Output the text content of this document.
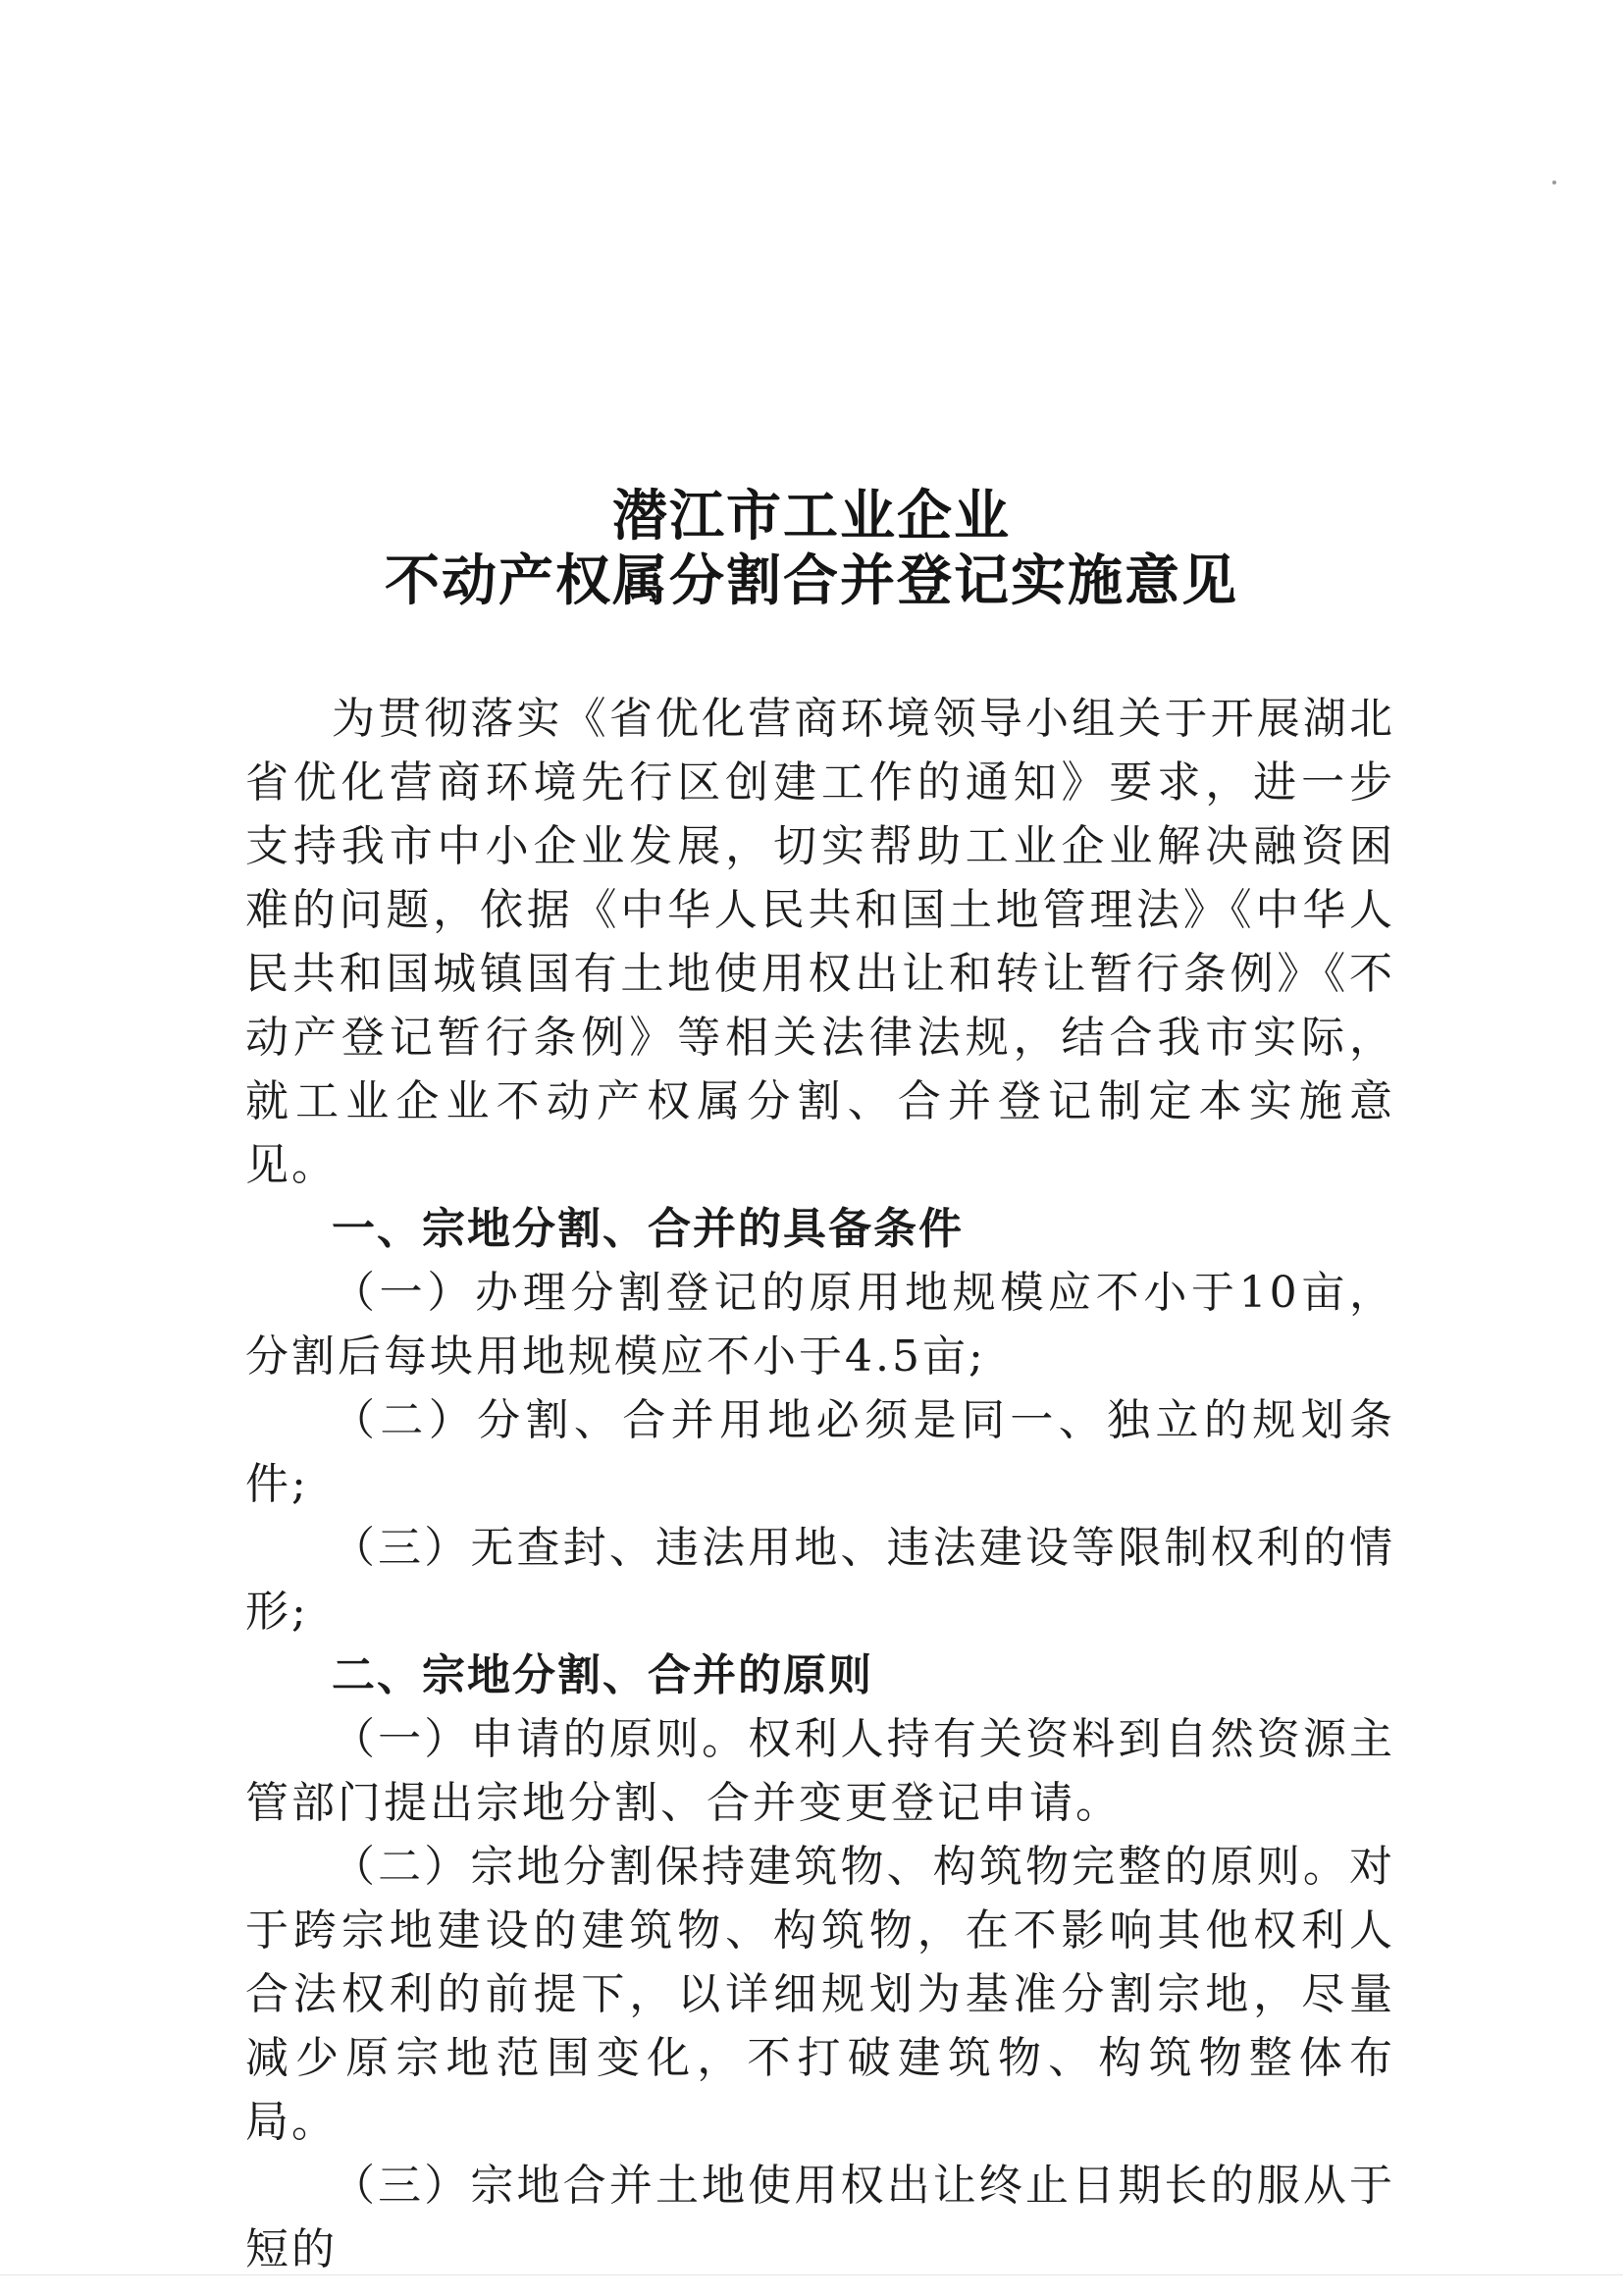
潜江市工业企业
不动产权属分割合并登记实施意见

为贯彻落实《省优化营商环境领导小组关于开展湖北省优化营商环境先行区创建工作的通知》要求，进一步支持我市中小企业发展，切实帮助工业企业解决融资困难的问题，依据《中华人民共和国土地管理法》《中华人民共和国城镇国有土地使用权出让和转让暂行条例》《不动产登记暂行条例》等相关法律法规，结合我市实际，就工业企业不动产权属分割、合并登记制定本实施意见。

一、宗地分割、合并的具备条件

（一）办理分割登记的原用地规模应不小于10亩，分割后每块用地规模应不小于4.5亩;

（二）分割、合并用地必须是同一、独立的规划条件;

（三）无查封、违法用地、违法建设等限制权利的情形;

二、宗地分割、合并的原则

（一）申请的原则。权利人持有关资料到自然资源主管部门提出宗地分割、合并变更登记申请。

（二）宗地分割保持建筑物、构筑物完整的原则。对于跨宗地建设的建筑物、构筑物，在不影响其他权利人合法权利的前提下，以详细规划为基准分割宗地，尽量减少原宗地范围变化，不打破建筑物、构筑物整体布局。

（三）宗地合并土地使用权出让终止日期长的服从于短的
